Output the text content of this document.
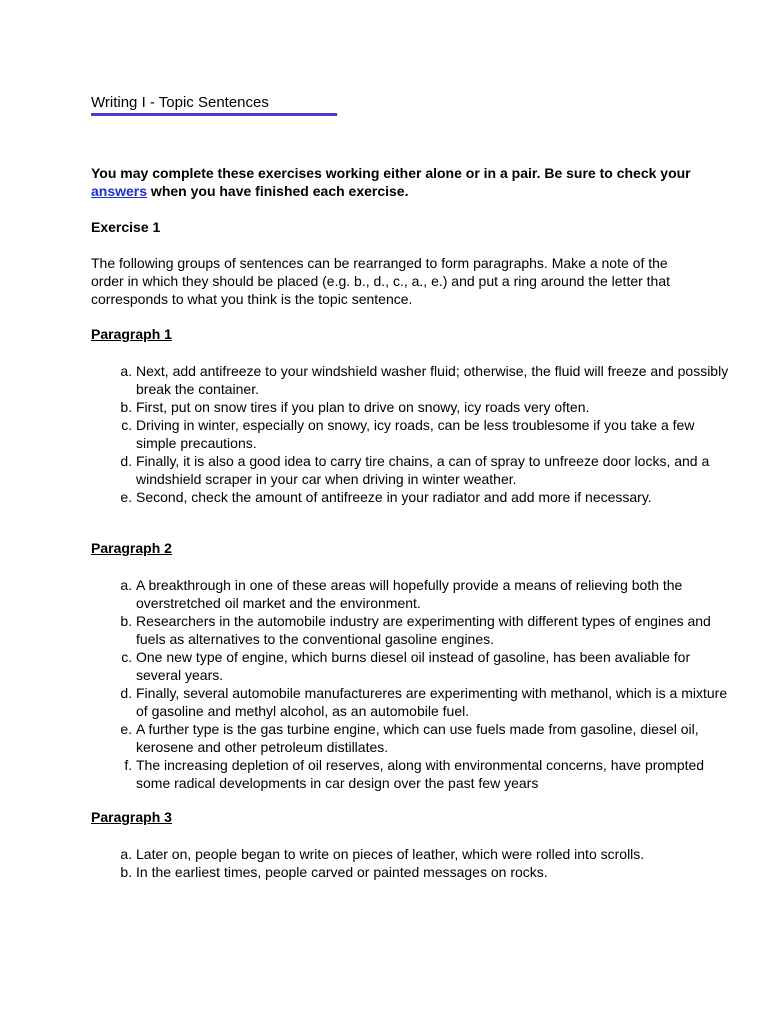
Writing I - Topic Sentences

You may complete these exercises working either alone or in a pair. Be sure to check your answers when you have finished each exercise.

Exercise 1

The following groups of sentences can be rearranged to form paragraphs. Make a note of the order in which they should be placed (e.g. b., d., c., a., e.) and put a ring around the letter that corresponds to what you think is the topic sentence.

Paragraph 1
a. Next, add antifreeze to your windshield washer fluid; otherwise, the fluid will freeze and possibly break the container.
b. First, put on snow tires if you plan to drive on snowy, icy roads very often.
c. Driving in winter, especially on snowy, icy roads, can be less troublesome if you take a few simple precautions.
d. Finally, it is also a good idea to carry tire chains, a can of spray to unfreeze door locks, and a windshield scraper in your car when driving in winter weather.
e. Second, check the amount of antifreeze in your radiator and add more if necessary.
Paragraph 2
a. A breakthrough in one of these areas will hopefully provide a means of relieving both the overstretched oil market and the environment.
b. Researchers in the automobile industry are experimenting with different types of engines and fuels as alternatives to the conventional gasoline engines.
c. One new type of engine, which burns diesel oil instead of gasoline, has been avaliable for several years.
d. Finally, several automobile manufactureres are experimenting with methanol, which is a mixture of gasoline and methyl alcohol, as an automobile fuel.
e. A further type is the gas turbine engine, which can use fuels made from gasoline, diesel oil, kerosene and other petroleum distillates.
f. The increasing depletion of oil reserves, along with environmental concerns, have prompted some radical developments in car design over the past few years
Paragraph 3
a. Later on, people began to write on pieces of leather, which were rolled into scrolls.
b. In the earliest times, people carved or painted messages on rocks.
